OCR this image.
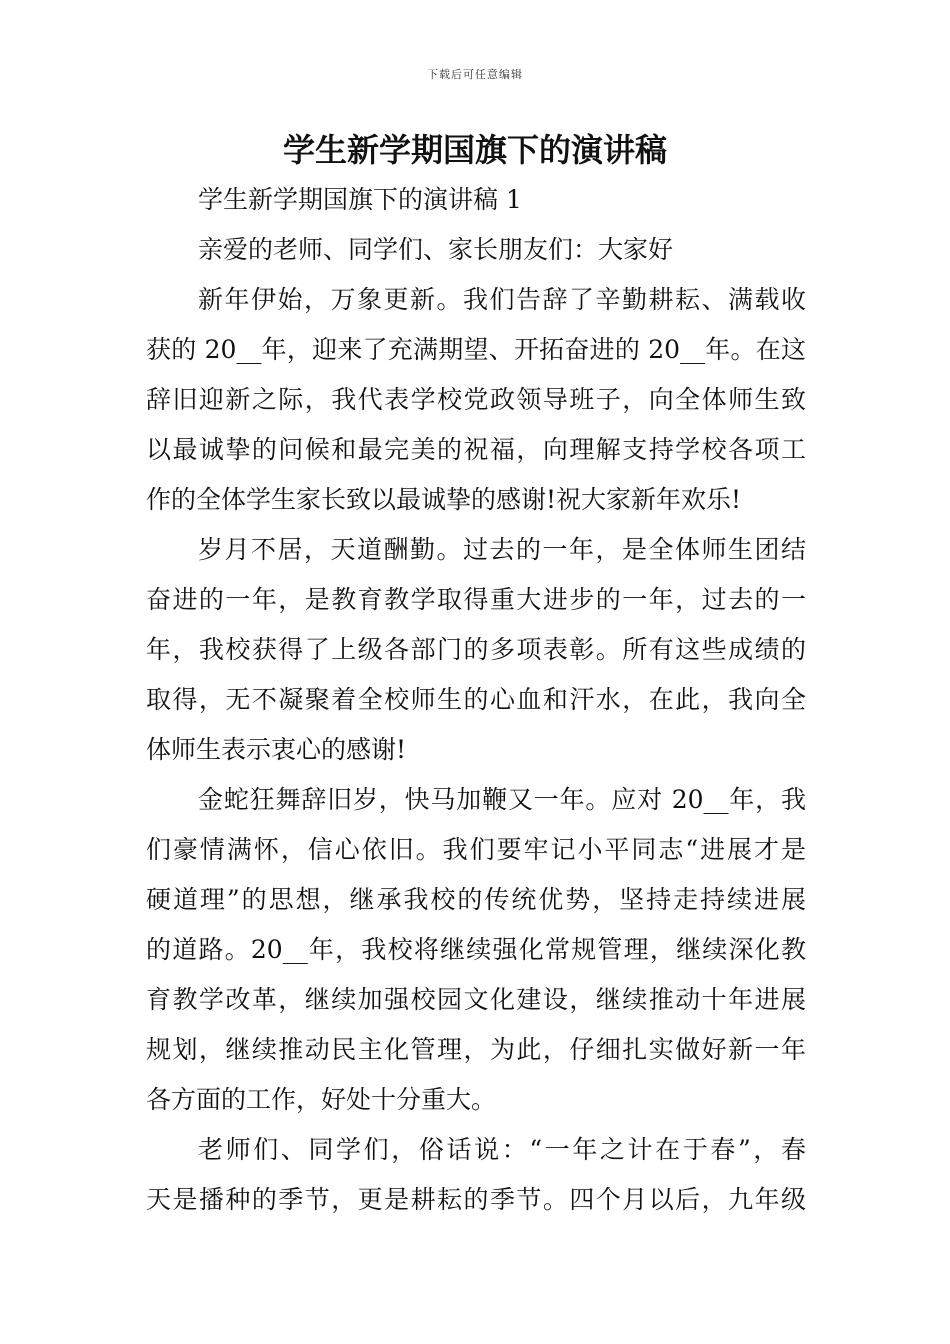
下载后可任意编辑
学生新学期国旗下的演讲稿

学生新学期国旗下的演讲稿 1

亲爱的老师、同学们、家长朋友们：大家好

新年伊始，万象更新。我们告辞了辛勤耕耘、满载收

获的 20__年，迎来了充满期望、开拓奋进的 20__年。在这

辞旧迎新之际，我代表学校党政领导班子，向全体师生致

以最诚挚的问候和最完美的祝福，向理解支持学校各项工

作的全体学生家长致以最诚挚的感谢!祝大家新年欢乐!

岁月不居，天道酬勤。过去的一年，是全体师生团结

奋进的一年，是教育教学取得重大进步的一年，过去的一

年，我校获得了上级各部门的多项表彰。所有这些成绩的

取得，无不凝聚着全校师生的心血和汗水，在此，我向全

体师生表示衷心的感谢!

金蛇狂舞辞旧岁，快马加鞭又一年。应对 20__年，我

们豪情满怀，信心依旧。我们要牢记小平同志“进展才是

硬道理”的思想，继承我校的传统优势，坚持走持续进展

的道路。20__年，我校将继续强化常规管理，继续深化教

育教学改革，继续加强校园文化建设，继续推动十年进展

规划，继续推动民主化管理，为此，仔细扎实做好新一年

各方面的工作，好处十分重大。

老师们、同学们，俗话说：“一年之计在于春”，春

天是播种的季节，更是耕耘的季节。四个月以后，九年级
